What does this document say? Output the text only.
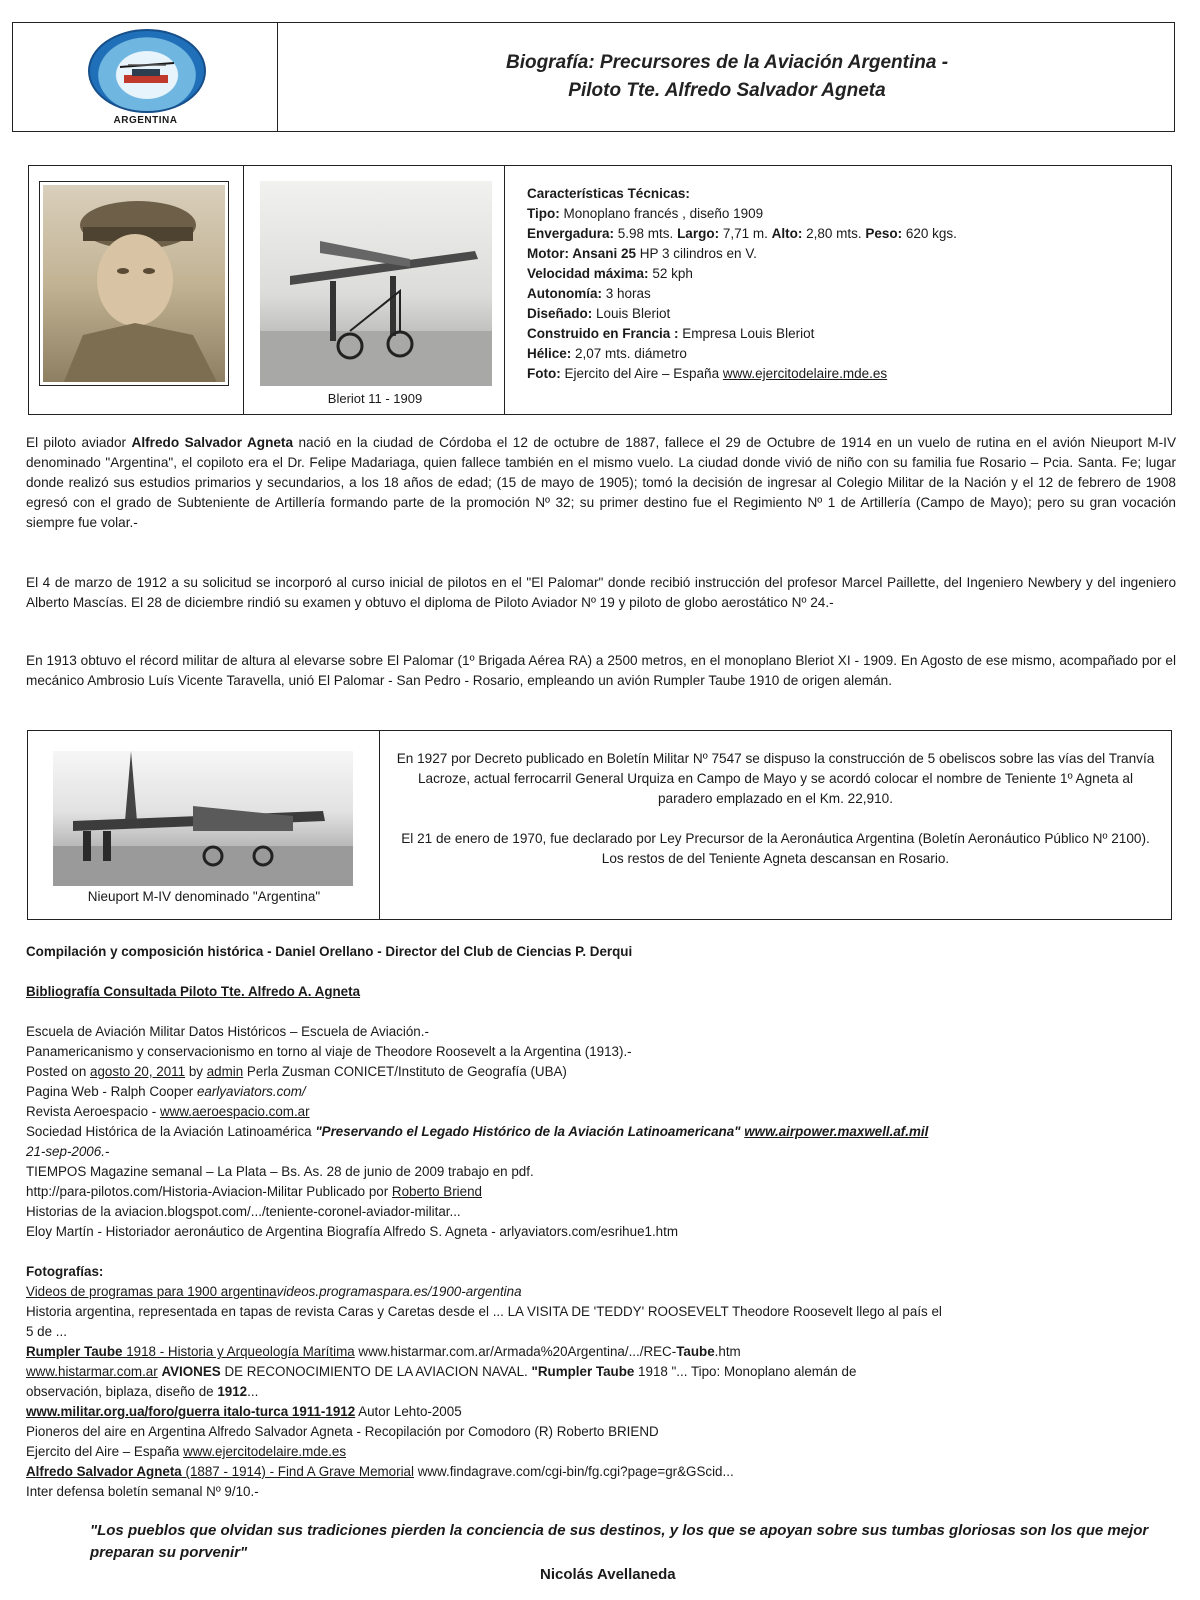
ARGENTINA
Biografía: Precursores de la Aviación Argentina -
Piloto Tte. Alfredo Salvador Agneta
Bleriot 11 - 1909
Características Técnicas:
Tipo: Monoplano francés , diseño 1909
Envergadura: 5.98 mts. Largo: 7,71 m. Alto: 2,80 mts. Peso: 620 kgs.
Motor: Ansani 25 HP 3 cilindros en V.
Velocidad máxima: 52 kph
Autonomía: 3 horas
Diseñado: Louis Bleriot
Construido en Francia : Empresa Louis Bleriot
Hélice: 2,07 mts. diámetro
Foto: Ejercito del Aire – España www.ejercitodelaire.mde.es
El piloto aviador Alfredo Salvador Agneta nació en la ciudad de Córdoba el 12 de octubre de 1887, fallece el 29 de Octubre de 1914 en un vuelo de rutina en el avión Nieuport M-IV denominado "Argentina", el copiloto era el Dr. Felipe Madariaga, quien fallece también en el mismo vuelo. La ciudad donde vivió de niño con su familia fue Rosario – Pcia. Santa. Fe; lugar donde realizó sus estudios primarios y secundarios, a los 18 años de edad; (15 de mayo de 1905); tomó la decisión de ingresar al Colegio Militar de la Nación y el 12 de febrero de 1908 egresó con el grado de Subteniente de Artillería formando parte de la promoción Nº 32; su primer destino fue el Regimiento Nº 1 de Artillería (Campo de Mayo); pero su gran vocación siempre fue volar.-
El 4 de marzo de 1912 a su solicitud se incorporó al curso inicial de pilotos en el "El Palomar" donde recibió instrucción del profesor Marcel Paillette, del Ingeniero Newbery y del ingeniero Alberto Mascías. El 28 de diciembre rindió su examen y obtuvo el diploma de Piloto Aviador Nº 19 y piloto de globo aerostático Nº 24.-
En 1913 obtuvo el récord militar de altura al elevarse sobre El Palomar (1º Brigada Aérea RA) a 2500 metros, en el monoplano Bleriot XI - 1909. En Agosto de ese mismo, acompañado por el mecánico Ambrosio Luís Vicente Taravella, unió El Palomar - San Pedro - Rosario, empleando un avión Rumpler Taube 1910 de origen alemán.
Nieuport M-IV denominado "Argentina"
En 1927 por Decreto publicado en Boletín Militar Nº 7547 se dispuso la construcción de 5 obeliscos sobre las vías del Tranvía Lacroze, actual ferrocarril General Urquiza en Campo de Mayo y se acordó colocar el nombre de Teniente 1º Agneta al paradero emplazado en el Km. 22,910.
El 21 de enero de 1970, fue declarado por Ley Precursor de la Aeronáutica Argentina (Boletín Aeronáutico Público Nº 2100). Los restos de del Teniente Agneta descansan en Rosario.
Compilación y composición histórica - Daniel Orellano - Director del Club de Ciencias P. Derqui
Bibliografía Consultada Piloto Tte. Alfredo A. Agneta
Escuela de Aviación Militar Datos Históricos – Escuela de Aviación.-
Panamericanismo y conservacionismo en torno al viaje de Theodore Roosevelt a la Argentina (1913).-
Posted on agosto 20, 2011 by admin Perla Zusman CONICET/Instituto de Geografía (UBA)
Pagina Web - Ralph Cooper earlyaviators.com/
Revista Aeroespacio - www.aeroespacio.com.ar
Sociedad Histórica de la Aviación Latinoamérica "Preservando el Legado Histórico de la Aviación Latinoamericana" www.airpower.maxwell.af.mil
21-sep-2006.-
TIEMPOS Magazine semanal – La Plata – Bs. As. 28 de junio de 2009 trabajo en pdf.
http://para-pilotos.com/Historia-Aviacion-Militar Publicado por Roberto Briend
Historias de la aviacion.blogspot.com/.../teniente-coronel-aviador-militar...
Eloy Martín - Historiador aeronáutico de Argentina Biografía Alfredo S. Agneta - arlyaviators.com/esrihue1.htm
Fotografías:
Videos de programas para 1900 argentinavideos.programaspara.es/1900-argentina
Historia argentina, representada en tapas de revista Caras y Caretas desde el ... LA VISITA DE 'TEDDY' ROOSEVELT Theodore Roosevelt llego al país el
5 de ...
Rumpler Taube 1918 - Historia y Arqueología Marítima www.histarmar.com.ar/Armada%20Argentina/.../REC-Taube.htm
www.histarmar.com.ar AVIONES DE RECONOCIMIENTO DE LA AVIACION NAVAL. "Rumpler Taube 1918 "... Tipo: Monoplano alemán de
observación, biplaza, diseño de 1912...
www.militar.org.ua/foro/guerra italo-turca 1911-1912 Autor Lehto-2005
Pioneros del aire en Argentina Alfredo Salvador Agneta - Recopilación por Comodoro (R) Roberto BRIEND
Ejercito del Aire – España www.ejercitodelaire.mde.es
Alfredo Salvador Agneta (1887 - 1914) - Find A Grave Memorial www.findagrave.com/cgi-bin/fg.cgi?page=gr&GScid...
Inter defensa boletín semanal Nº 9/10.-
"Los pueblos que olvidan sus tradiciones pierden la conciencia de sus destinos, y los que se apoyan sobre sus tumbas gloriosas son los que mejor preparan su porvenir"
Nicolás Avellaneda
